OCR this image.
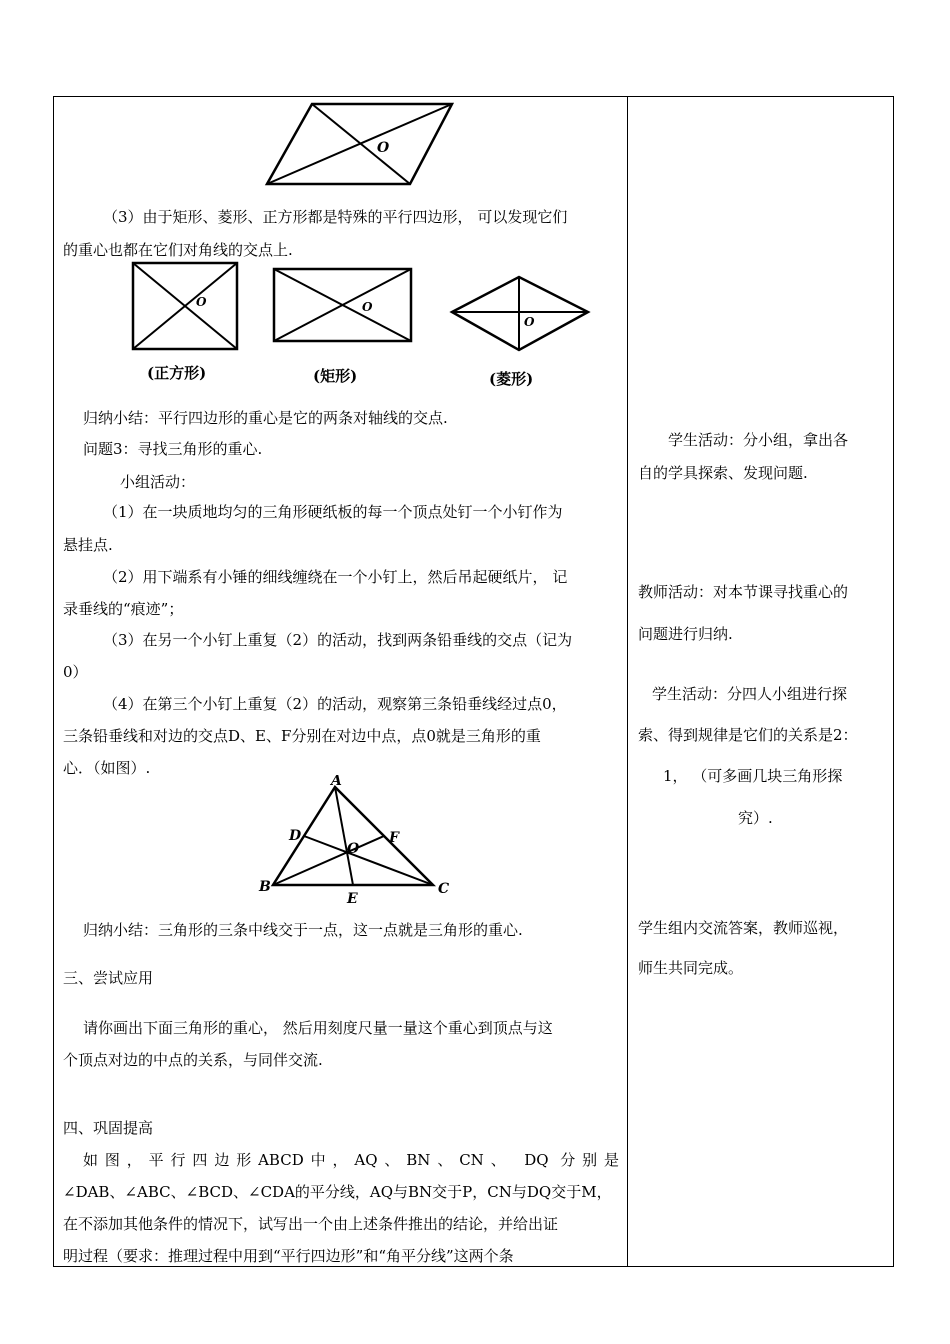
O
（3）由于矩形、菱形、正方形都是特殊的平行四边形， 可以发现它们
的重心也都在它们对角线的交点上.
O
(正方形)
O
(矩形)
O
(菱形)
归纳小结：平行四边形的重心是它的两条对轴线的交点.
问题3：寻找三角形的重心.
小组活动：
（1）在一块质地均匀的三角形硬纸板的每一个顶点处钉一个小钉作为
悬挂点.
（2）用下端系有小锤的细线缠绕在一个小钉上，然后吊起硬纸片， 记
录垂线的“痕迹”；
（3）在另一个小钉上重复（2）的活动，找到两条铅垂线的交点（记为
0）
（4）在第三个小钉上重复（2）的活动，观察第三条铅垂线经过点0，
三条铅垂线和对边的交点D、E、F分别在对边中点，点0就是三角形的重
心．（如图）.
A
B	C
D
E
F
O
归纳小结：三角形的三条中线交于一点，这一点就是三角形的重心.
三、尝试应用
请你画出下面三角形的重心， 然后用刻度尺量一量这个重心到顶点与这
个顶点对边的中点的关系，与同伴交流.
四、巩固提高
如图，平行四边形ABCD中，AQ、BN、CN、 DQ 分别是
∠DAB、∠ABC、∠BCD、∠CDA的平分线，AQ与BN交于P，CN与DQ交于M，
在不添加其他条件的情况下，试写出一个由上述条件推出的结论，并给出证
明过程（要求：推理过程中用到“平行四边形”和“角平分线”这两个条
学生活动：分小组，拿出各
自的学具探索、发现问题.
教师活动：对本节课寻找重心的
问题进行归纳.
学生活动：分四人小组进行探
索、得到规律是它们的关系是2：
1， （可多画几块三角形探
究）.
学生组内交流答案，教师巡视，
师生共同完成。
